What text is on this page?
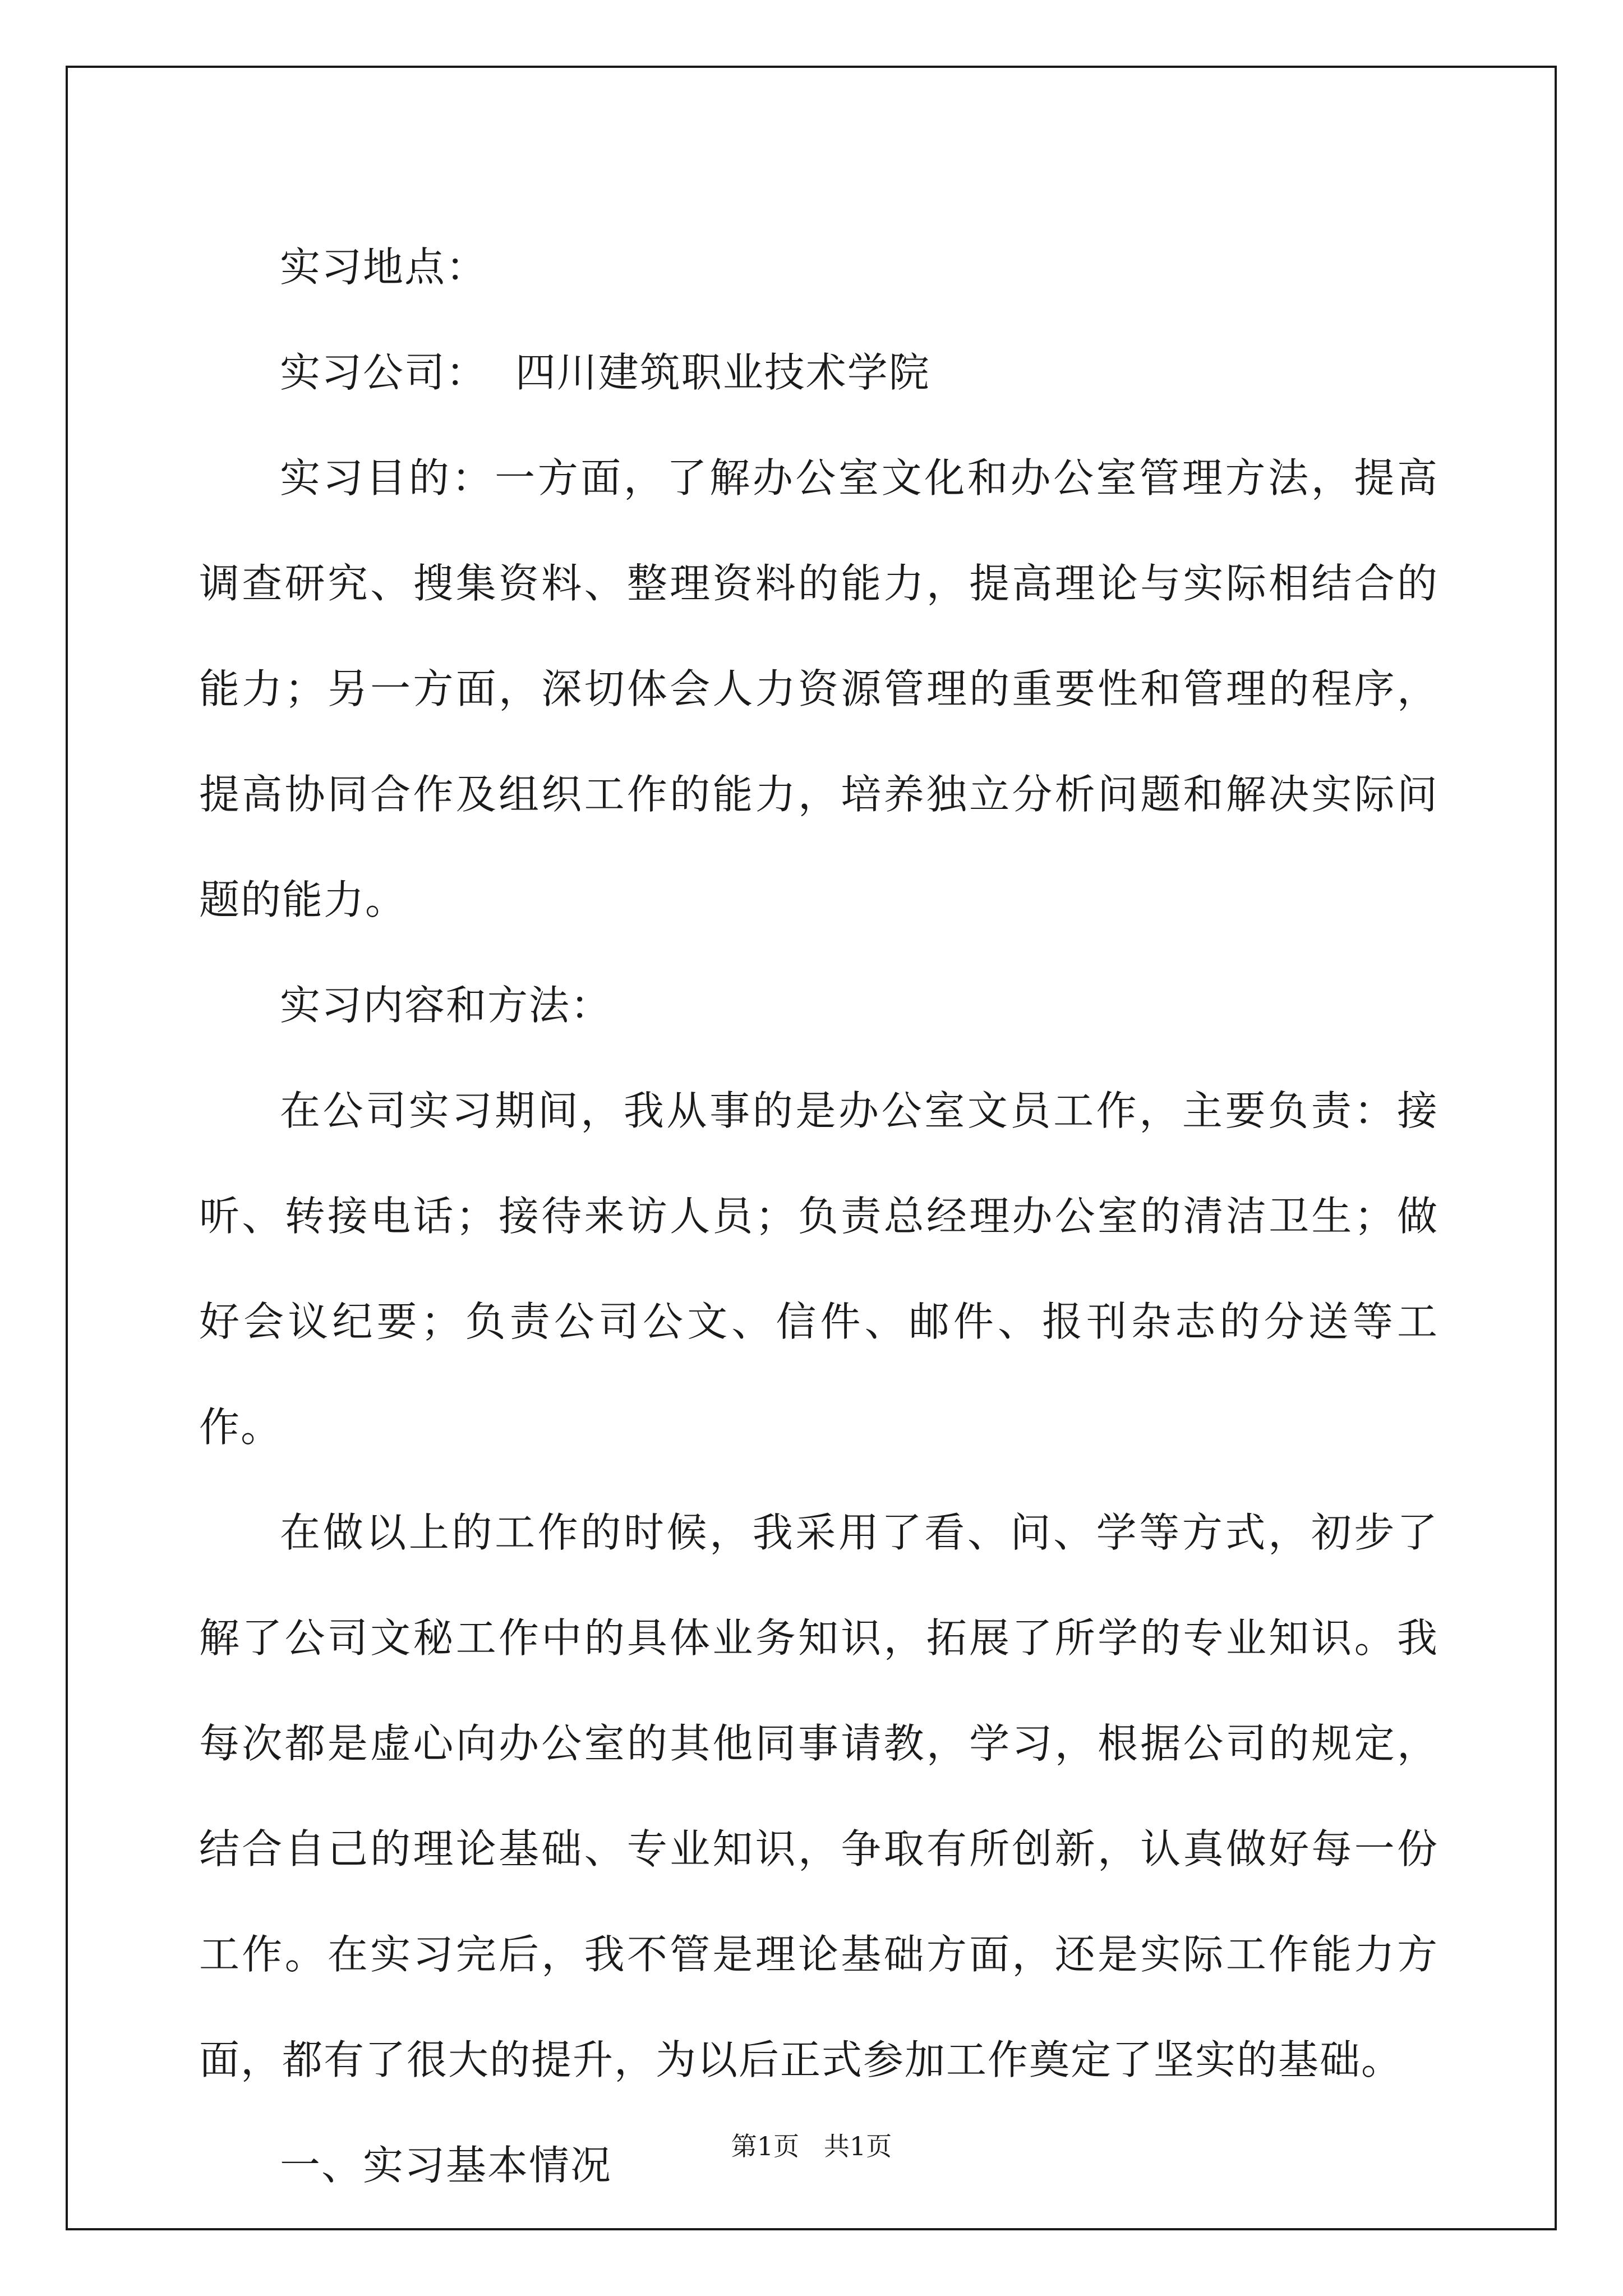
实习地点：

实习公司：  四川建筑职业技术学院

实习目的：一方面，了解办公室文化和办公室管理方法，提高调查研究、搜集资料、整理资料的能力，提高理论与实际相结合的能力；另一方面，深切体会人力资源管理的重要性和管理的程序，提高协同合作及组织工作的能力，培养独立分析问题和解决实际问题的能力。

实习内容和方法：

在公司实习期间，我从事的是办公室文员工作，主要负责：接听、转接电话；接待来访人员；负责总经理办公室的清洁卫生；做好会议纪要；负责公司公文、信件、邮件、报刊杂志的分送等工作。

在做以上的工作的时候，我采用了看、问、学等方式，初步了解了公司文秘工作中的具体业务知识，拓展了所学的专业知识。我每次都是虚心向办公室的其他同事请教，学习，根据公司的规定，结合自己的理论基础、专业知识，争取有所创新，认真做好每一份工作。在实习完后，我不管是理论基础方面，还是实际工作能力方面，都有了很大的提升，为以后正式参加工作奠定了坚实的基础。

一、实习基本情况	第1页   共1页
